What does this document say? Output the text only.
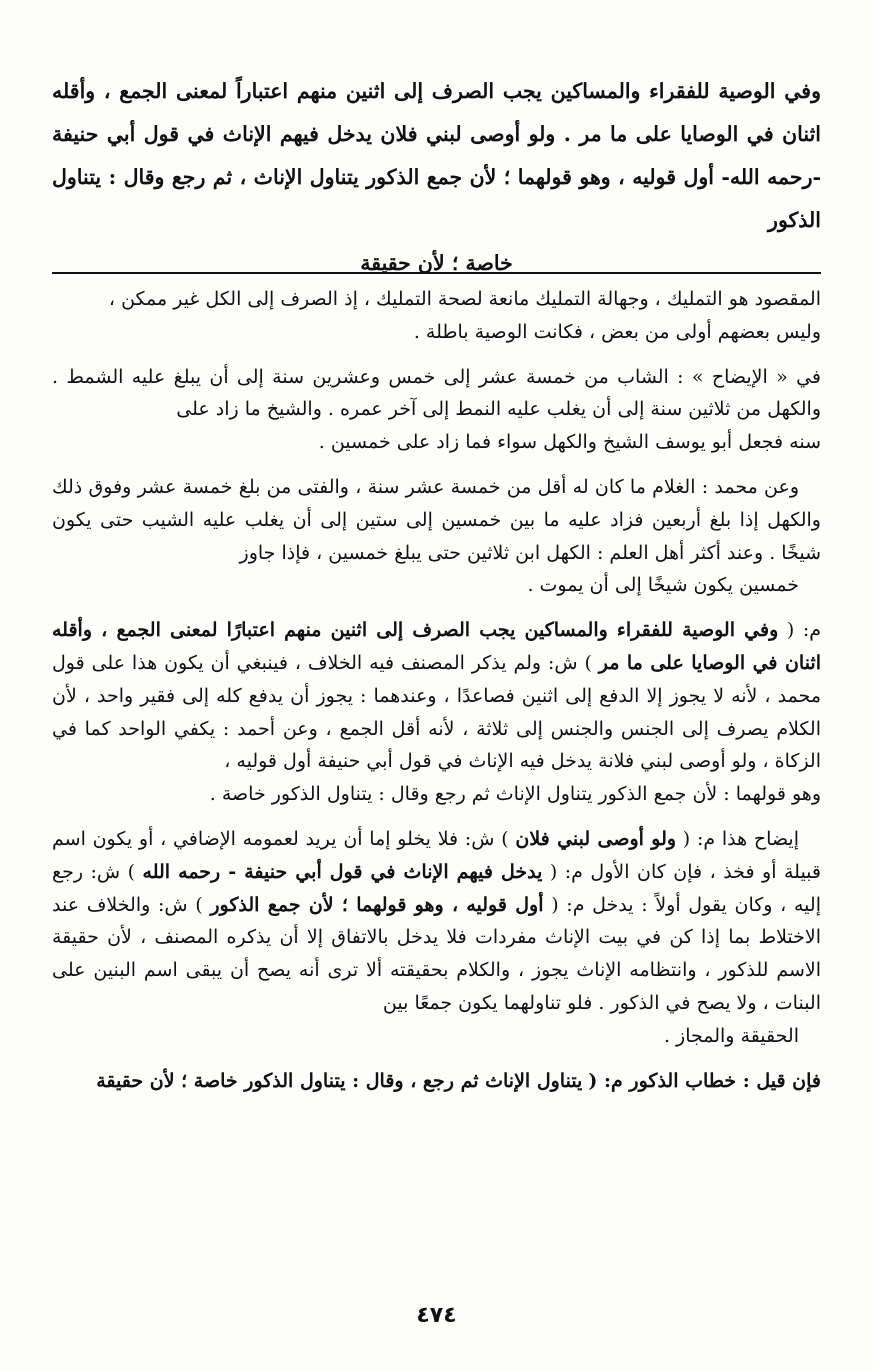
وفي الوصية للفقراء والمساكين يجب الصرف إلى اثنين منهم اعتباراً لمعنى الجمع ، وأقله اثنان في الوصايا على ما مر . ولو أوصى لبني فلان يدخل فيهم الإناث في قول أبي حنيفة -رحمه الله- أول قوليه ، وهو قولهما ؛ لأن جمع الذكور يتناول الإناث ، ثم رجع وقال : يتناول الذكور
خاصة ؛ لأن حقيقة
المقصود هو التمليك ، وجهالة التمليك مانعة لصحة التمليك ، إذ الصرف إلى الكل غير ممكن ،
وليس بعضهم أولى من بعض ، فكانت الوصية باطلة .
في « الإيضاح » : الشاب من خمسة عشر إلى خمس وعشرين سنة إلى أن يبلغ عليه الشمط . والكهل من ثلاثين سنة إلى أن يغلب عليه النمط إلى آخر عمره . والشيخ ما زاد على
سنه فجعل أبو يوسف الشيخ والكهل سواء فما زاد على خمسين .
وعن محمد : الغلام ما كان له أقل من خمسة عشر سنة ، والفتى من بلغ خمسة عشر وفوق ذلك والكهل إذا بلغ أربعين فزاد عليه ما بين خمسين إلى ستين إلى أن يغلب عليه الشيب حتى يكون شيخًا . وعند أكثر أهل العلم : الكهل ابن ثلاثين حتى يبلغ خمسين ، فإذا جاوز
خمسين يكون شيخًا إلى أن يموت .
م: ( وفي الوصية للفقراء والمساكين يجب الصرف إلى اثنين منهم اعتبارًا لمعنى الجمع ، وأقله اثنان في الوصايا على ما مر ) ش: ولم يذكر المصنف فيه الخلاف ، فينبغي أن يكون هذا على قول محمد ، لأنه لا يجوز إلا الدفع إلى اثنين فصاعدًا ، وعندهما : يجوز أن يدفع كله إلى فقير واحد ، لأن الكلام يصرف إلى الجنس والجنس إلى ثلاثة ، لأنه أقل الجمع ، وعن أحمد : يكفي الواحد كما في الزكاة ، ولو أوصى لبني فلانة يدخل فيه الإناث في قول أبي حنيفة أول قوليه ،
وهو قولهما : لأن جمع الذكور يتناول الإناث ثم رجع وقال : يتناول الذكور خاصة .
إيضاح هذا م: ( ولو أوصى لبني فلان ) ش: فلا يخلو إما أن يريد لعمومه الإضافي ، أو يكون اسم قبيلة أو فخذ ، فإن كان الأول م: ( يدخل فيهم الإناث في قول أبي حنيفة - رحمه الله ) ش: رجع إليه ، وكان يقول أولاً : يدخل م: ( أول قوليه ، وهو قولهما ؛ لأن جمع الذكور ) ش: والخلاف عند الاختلاط بما إذا كن في بيت الإناث مفردات فلا يدخل بالاتفاق إلا أن يذكره المصنف ، لأن حقيقة الاسم للذكور ، وانتظامه الإناث يجوز ، والكلام بحقيقته ألا ترى أنه يصح أن يبقى اسم البنين على البنات ، ولا يصح في الذكور . فلو تناولهما يكون جمعًا بين
الحقيقة والمجاز .
فإن قيل : خطاب الذكور م: ( يتناول الإناث ثم رجع ، وقال : يتناول الذكور خاصة ؛ لأن حقيقة
٤٧٤
